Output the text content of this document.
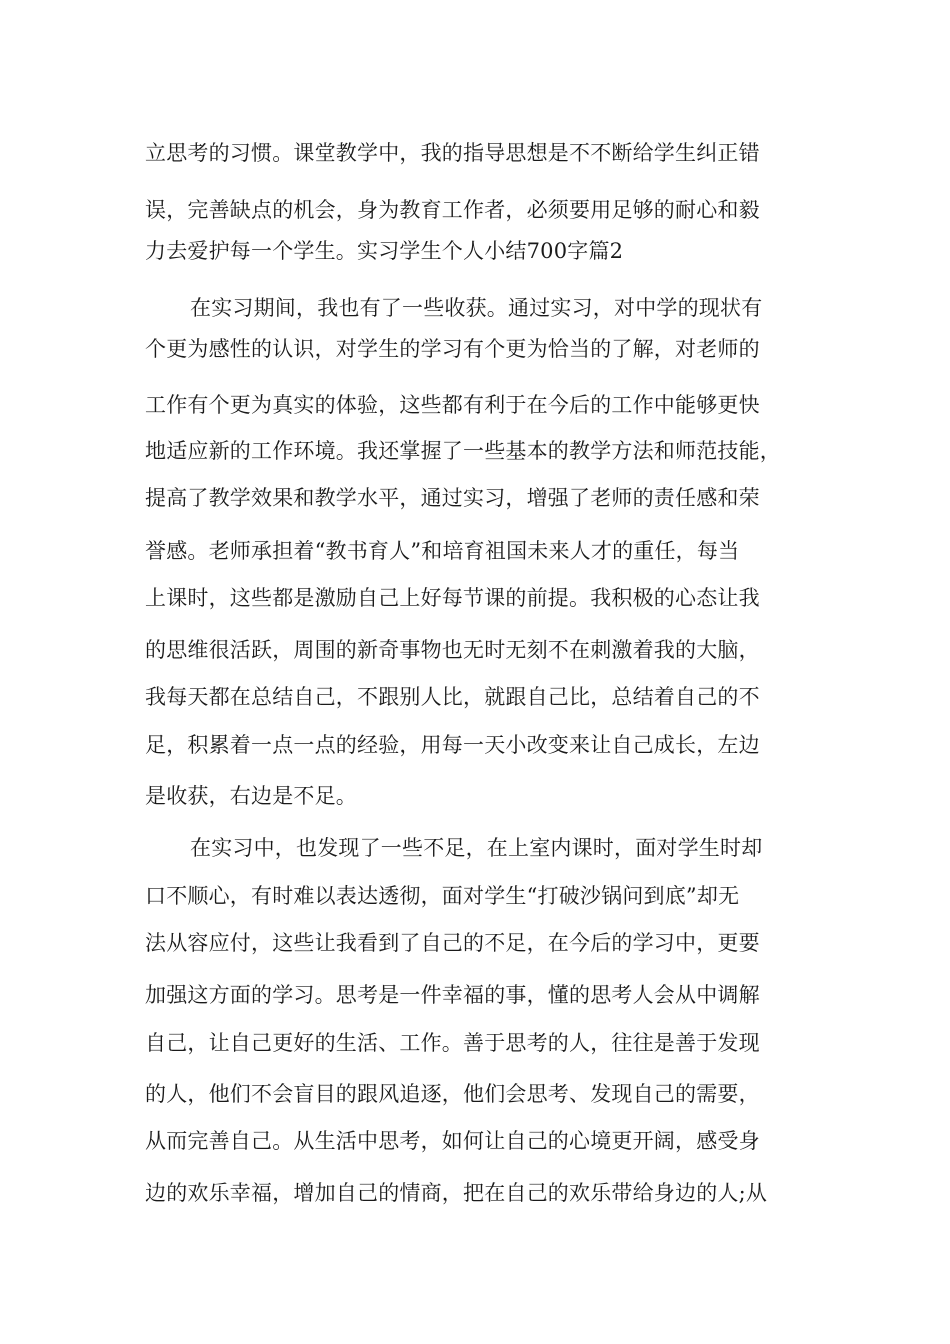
立思考的习惯。课堂教学中，我的指导思想是不不断给学生纠正错
误，完善缺点的机会，身为教育工作者，必须要用足够的耐心和毅
力去爱护每一个学生。实习学生个人小结700字篇2
在实习期间，我也有了一些收获。通过实习，对中学的现状有
个更为感性的认识，对学生的学习有个更为恰当的了解，对老师的
工作有个更为真实的体验，这些都有利于在今后的工作中能够更快
地适应新的工作环境。我还掌握了一些基本的教学方法和师范技能，
提高了教学效果和教学水平，通过实习，增强了老师的责任感和荣
誉感。老师承担着“教书育人”和培育祖国未来人才的重任，每当
上课时，这些都是激励自己上好每节课的前提。我积极的心态让我
的思维很活跃，周围的新奇事物也无时无刻不在刺激着我的大脑，
我每天都在总结自己，不跟别人比，就跟自己比，总结着自己的不
足，积累着一点一点的经验，用每一天小改变来让自己成长，左边
是收获，右边是不足。
在实习中，也发现了一些不足，在上室内课时，面对学生时却
口不顺心，有时难以表达透彻，面对学生“打破沙锅问到底”却无
法从容应付，这些让我看到了自己的不足，在今后的学习中，更要
加强这方面的学习。思考是一件幸福的事，懂的思考人会从中调解
自己，让自己更好的生活、工作。善于思考的人，往往是善于发现
的人，他们不会盲目的跟风追逐，他们会思考、发现自己的需要，
从而完善自己。从生活中思考，如何让自己的心境更开阔，感受身
边的欢乐幸福，增加自己的情商，把在自己的欢乐带给身边的人;从
